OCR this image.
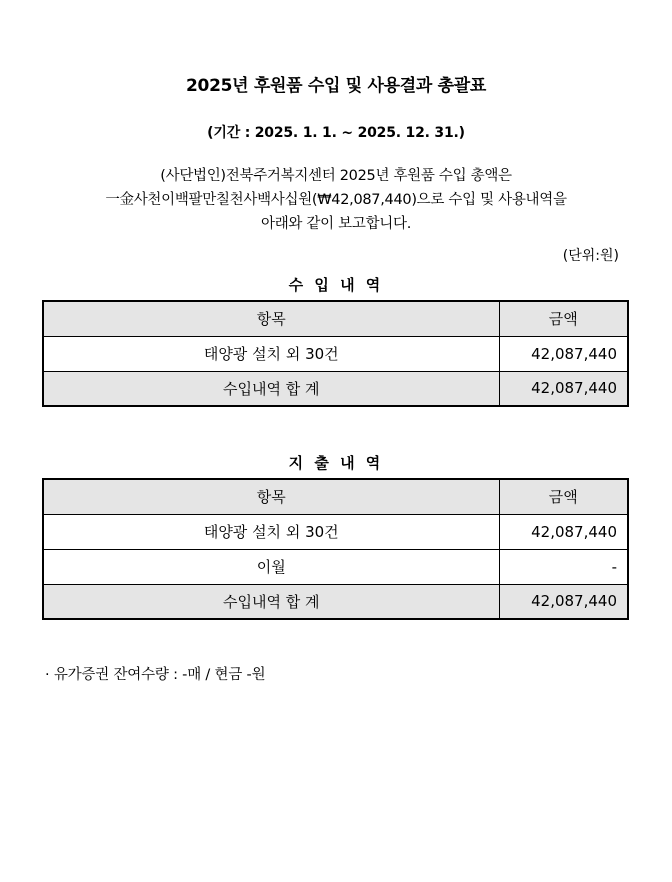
2025년 후원품 수입 및 사용결과 총괄표
(기간 : 2025. 1. 1. ~ 2025. 12. 31.)
(사단법인)전북주거복지센터 2025년 후원품 수입 총액은
一金사천이백팔만칠천사백사십원(₩42,087,440)으로 수입 및 사용내역을
아래와 같이 보고합니다.
(단위:원)
수 입 내 역
항목	금액
태양광 설치 외 30건	42,087,440
수입내역 합 계	42,087,440
지 출 내 역
항목	금액
태양광 설치 외 30건	42,087,440
이월	-
수입내역 합 계	42,087,440
· 유가증권 잔여수량 : -매 / 현금 -원
